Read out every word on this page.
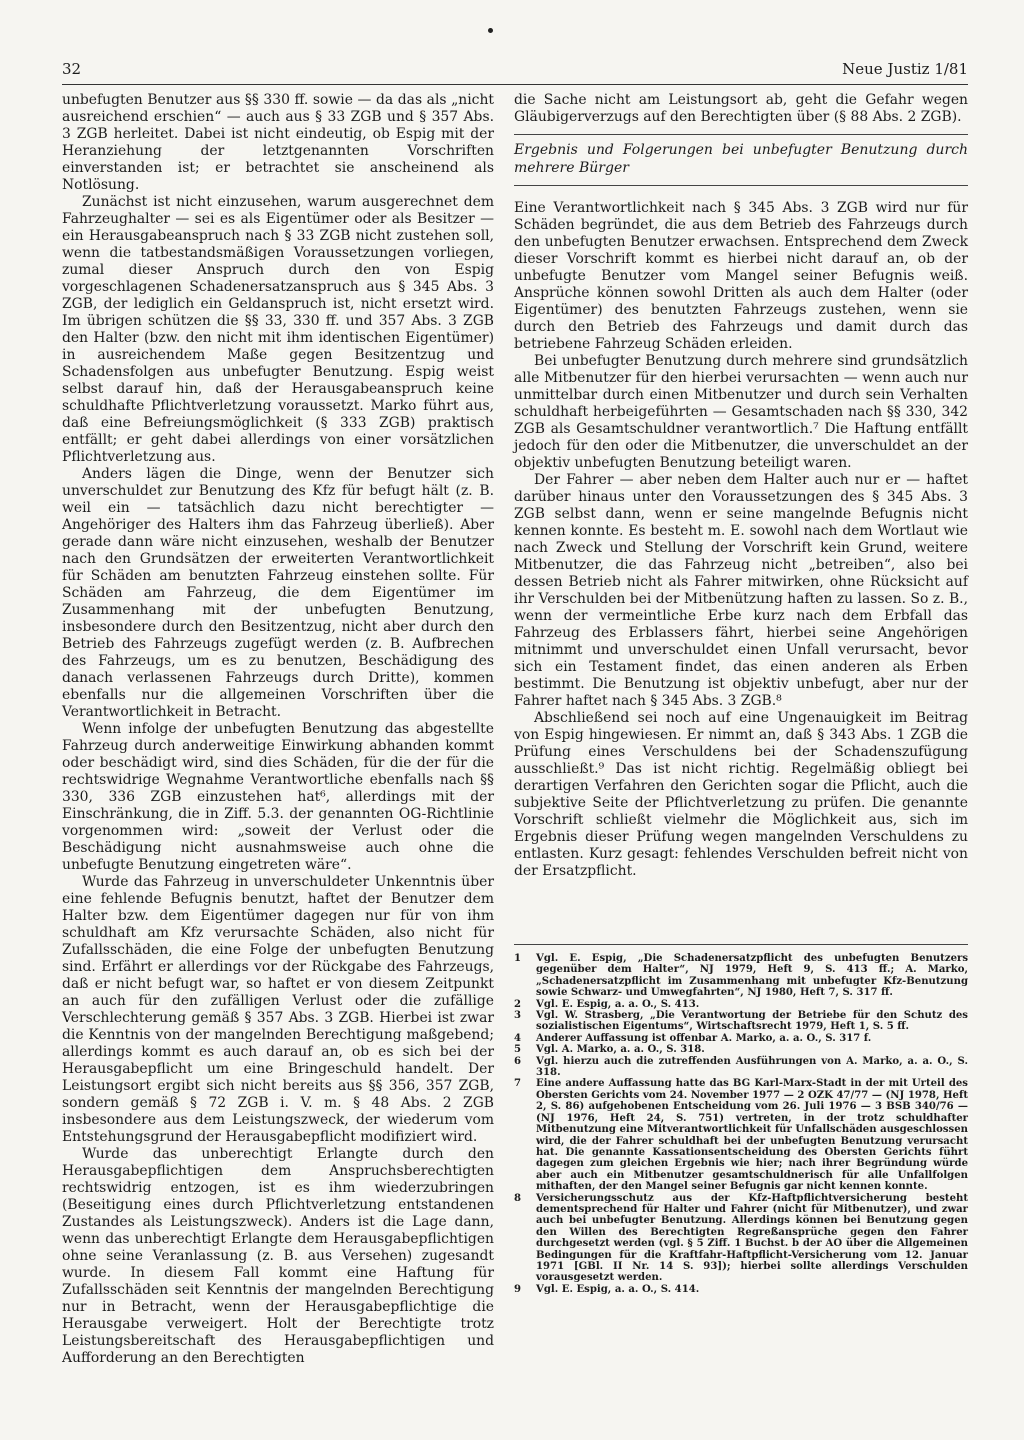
32	Neue Justiz 1/81

unbefugten Benutzer aus §§ 330 ff. sowie — da das als „nicht ausreichend erschien“ — auch aus § 33 ZGB und § 357 Abs. 3 ZGB herleitet. Dabei ist nicht eindeutig, ob Espig mit der Heranziehung der letztgenannten Vorschriften einverstanden ist; er betrachtet sie anscheinend als Notlösung.

Zunächst ist nicht einzusehen, warum ausgerechnet dem Fahrzeughalter — sei es als Eigentümer oder als Besitzer — ein Herausgabeanspruch nach § 33 ZGB nicht zustehen soll, wenn die tatbestandsmäßigen Voraussetzungen vorliegen, zumal dieser Anspruch durch den von Espig vorgeschlagenen Schadenersatzanspruch aus § 345 Abs. 3 ZGB, der lediglich ein Geldanspruch ist, nicht ersetzt wird. Im übrigen schützen die §§ 33, 330 ff. und 357 Abs. 3 ZGB den Halter (bzw. den nicht mit ihm identischen Eigentümer) in ausreichendem Maße gegen Besitzentzug und Schadensfolgen aus unbefugter Benutzung. Espig weist selbst darauf hin, daß der Herausgabeanspruch keine schuldhafte Pflichtverletzung voraussetzt. Marko führt aus, daß eine Befreiungsmöglichkeit (§ 333 ZGB) praktisch entfällt; er geht dabei allerdings von einer vorsätzlichen Pflichtverletzung aus.

Anders lägen die Dinge, wenn der Benutzer sich unverschuldet zur Benutzung des Kfz für befugt hält (z. B. weil ein — tatsächlich dazu nicht berechtigter — Angehöriger des Halters ihm das Fahrzeug überließ). Aber gerade dann wäre nicht einzusehen, weshalb der Benutzer nach den Grundsätzen der erweiterten Verantwortlichkeit für Schäden am benutzten Fahrzeug einstehen sollte. Für Schäden am Fahrzeug, die dem Eigentümer im Zusammenhang mit der unbefugten Benutzung, insbesondere durch den Besitzentzug, nicht aber durch den Betrieb des Fahrzeugs zugefügt werden (z. B. Aufbrechen des Fahrzeugs, um es zu benutzen, Beschädigung des danach verlassenen Fahrzeugs durch Dritte), kommen ebenfalls nur die allgemeinen Vorschriften über die Verantwortlichkeit in Betracht.

Wenn infolge der unbefugten Benutzung das abgestellte Fahrzeug durch anderweitige Einwirkung abhanden kommt oder beschädigt wird, sind dies Schäden, für die der für die rechtswidrige Wegnahme Verantwortliche ebenfalls nach §§ 330, 336 ZGB einzustehen hat⁶, allerdings mit der Einschränkung, die in Ziff. 5.3. der genannten OG-Richtlinie vorgenommen wird: „soweit der Verlust oder die Beschädigung nicht ausnahmsweise auch ohne die unbefugte Benutzung eingetreten wäre“.

Wurde das Fahrzeug in unverschuldeter Unkenntnis über eine fehlende Befugnis benutzt, haftet der Benutzer dem Halter bzw. dem Eigentümer dagegen nur für von ihm schuldhaft am Kfz verursachte Schäden, also nicht für Zufallsschäden, die eine Folge der unbefugten Benutzung sind. Erfährt er allerdings vor der Rückgabe des Fahrzeugs, daß er nicht befugt war, so haftet er von diesem Zeitpunkt an auch für den zufälligen Verlust oder die zufällige Verschlechterung gemäß § 357 Abs. 3 ZGB. Hierbei ist zwar die Kenntnis von der mangelnden Berechtigung maßgebend; allerdings kommt es auch darauf an, ob es sich bei der Herausgabepflicht um eine Bringeschuld handelt. Der Leistungsort ergibt sich nicht bereits aus §§ 356, 357 ZGB, sondern gemäß § 72 ZGB i. V. m. § 48 Abs. 2 ZGB insbesondere aus dem Leistungszweck, der wiederum vom Entstehungsgrund der Herausgabepflicht modifiziert wird.

Wurde das unberechtigt Erlangte durch den Herausgabepflichtigen dem Anspruchsberechtigten rechtswidrig entzogen, ist es ihm wiederzubringen (Beseitigung eines durch Pflichtverletzung entstandenen Zustandes als Leistungszweck). Anders ist die Lage dann, wenn das unberechtigt Erlangte dem Herausgabepflichtigen ohne seine Veranlassung (z. B. aus Versehen) zugesandt wurde. In diesem Fall kommt eine Haftung für Zufallsschäden seit Kenntnis der mangelnden Berechtigung nur in Betracht, wenn der Herausgabepflichtige die Herausgabe verweigert. Holt der Berechtigte trotz Leistungsbereitschaft des Herausgabepflichtigen und Aufforderung an den Berechtigten

die Sache nicht am Leistungsort ab, geht die Gefahr wegen Gläubigerverzugs auf den Berechtigten über (§ 88 Abs. 2 ZGB).

Ergebnis und Folgerungen bei unbefugter Benutzung durch mehrere Bürger

Eine Verantwortlichkeit nach § 345 Abs. 3 ZGB wird nur für Schäden begründet, die aus dem Betrieb des Fahrzeugs durch den unbefugten Benutzer erwachsen. Entsprechend dem Zweck dieser Vorschrift kommt es hierbei nicht darauf an, ob der unbefugte Benutzer vom Mangel seiner Befugnis weiß. Ansprüche können sowohl Dritten als auch dem Halter (oder Eigentümer) des benutzten Fahrzeugs zustehen, wenn sie durch den Betrieb des Fahrzeugs und damit durch das betriebene Fahrzeug Schäden erleiden.

Bei unbefugter Benutzung durch mehrere sind grundsätzlich alle Mitbenutzer für den hierbei verursachten — wenn auch nur unmittelbar durch einen Mitbenutzer und durch sein Verhalten schuldhaft herbeigeführten — Gesamtschaden nach §§ 330, 342 ZGB als Gesamtschuldner verantwortlich.⁷ Die Haftung entfällt jedoch für den oder die Mitbenutzer, die unverschuldet an der objektiv unbefugten Benutzung beteiligt waren.

Der Fahrer — aber neben dem Halter auch nur er — haftet darüber hinaus unter den Voraussetzungen des § 345 Abs. 3 ZGB selbst dann, wenn er seine mangelnde Befugnis nicht kennen konnte. Es besteht m. E. sowohl nach dem Wortlaut wie nach Zweck und Stellung der Vorschrift kein Grund, weitere Mitbenutzer, die das Fahrzeug nicht „betreiben“, also bei dessen Betrieb nicht als Fahrer mitwirken, ohne Rücksicht auf ihr Verschulden bei der Mitbenützung haften zu lassen. So z. B., wenn der vermeintliche Erbe kurz nach dem Erbfall das Fahrzeug des Erblassers fährt, hierbei seine Angehörigen mitnimmt und unverschuldet einen Unfall verursacht, bevor sich ein Testament findet, das einen anderen als Erben bestimmt. Die Benutzung ist objektiv unbefugt, aber nur der Fahrer haftet nach § 345 Abs. 3 ZGB.⁸

Abschließend sei noch auf eine Ungenauigkeit im Beitrag von Espig hingewiesen. Er nimmt an, daß § 343 Abs. 1 ZGB die Prüfung eines Verschuldens bei der Schadenszufügung ausschließt.⁹ Das ist nicht richtig. Regelmäßig obliegt bei derartigen Verfahren den Gerichten sogar die Pflicht, auch die subjektive Seite der Pflichtverletzung zu prüfen. Die genannte Vorschrift schließt vielmehr die Möglichkeit aus, sich im Ergebnis dieser Prüfung wegen mangelnden Verschuldens zu entlasten. Kurz gesagt: fehlendes Verschulden befreit nicht von der Ersatzpflicht.

1	Vgl. E. Espig, „Die Schadenersatzpflicht des unbefugten Benutzers gegenüber dem Halter“, NJ 1979, Heft 9, S. 413 ff.; A. Marko, „Schadenersatzpflicht im Zusammenhang mit unbefugter Kfz-Benutzung sowie Schwarz- und Umwegfahrten“, NJ 1980, Heft 7, S. 317 ff.
2	Vgl. E. Espig, a. a. O., S. 413.
3	Vgl. W. Strasberg, „Die Verantwortung der Betriebe für den Schutz des sozialistischen Eigentums“, Wirtschaftsrecht 1979, Heft 1, S. 5 ff.
4	Anderer Auffassung ist offenbar A. Marko, a. a. O., S. 317 f.
5	Vgl. A. Marko, a. a. O., S. 318.
6	Vgl. hierzu auch die zutreffenden Ausführungen von A. Marko, a. a. O., S. 318.
7	Eine andere Auffassung hatte das BG Karl-Marx-Stadt in der mit Urteil des Obersten Gerichts vom 24. November 1977 — 2 OZK 47/77 — (NJ 1978, Heft 2, S. 86) aufgehobenen Entscheidung vom 26. Juli 1976 — 3 BSB 340/76 — (NJ 1976, Heft 24, S. 751) vertreten, in der trotz schuldhafter Mitbenutzung eine Mitverantwortlichkeit für Unfallschäden ausgeschlossen wird, die der Fahrer schuldhaft bei der unbefugten Benutzung verursacht hat. Die genannte Kassationsentscheidung des Obersten Gerichts führt dagegen zum gleichen Ergebnis wie hier; nach ihrer Begründung würde aber auch ein Mitbenutzer gesamtschuldnerisch für alle Unfallfolgen mithaften, der den Mangel seiner Befugnis gar nicht kennen konnte.
8	Versicherungsschutz aus der Kfz-Haftpflichtversicherung besteht dementsprechend für Halter und Fahrer (nicht für Mitbenutzer), und zwar auch bei unbefugter Benutzung. Allerdings können bei Benutzung gegen den Willen des Berechtigten Regreßansprüche gegen den Fahrer durchgesetzt werden (vgl. § 5 Ziff. 1 Buchst. b der AO über die Allgemeinen Bedingungen für die Kraftfahr-Haftpflicht-Versicherung vom 12. Januar 1971 [GBl. II Nr. 14 S. 93]); hierbei sollte allerdings Verschulden vorausgesetzt werden.
9	Vgl. E. Espig, a. a. O., S. 414.
